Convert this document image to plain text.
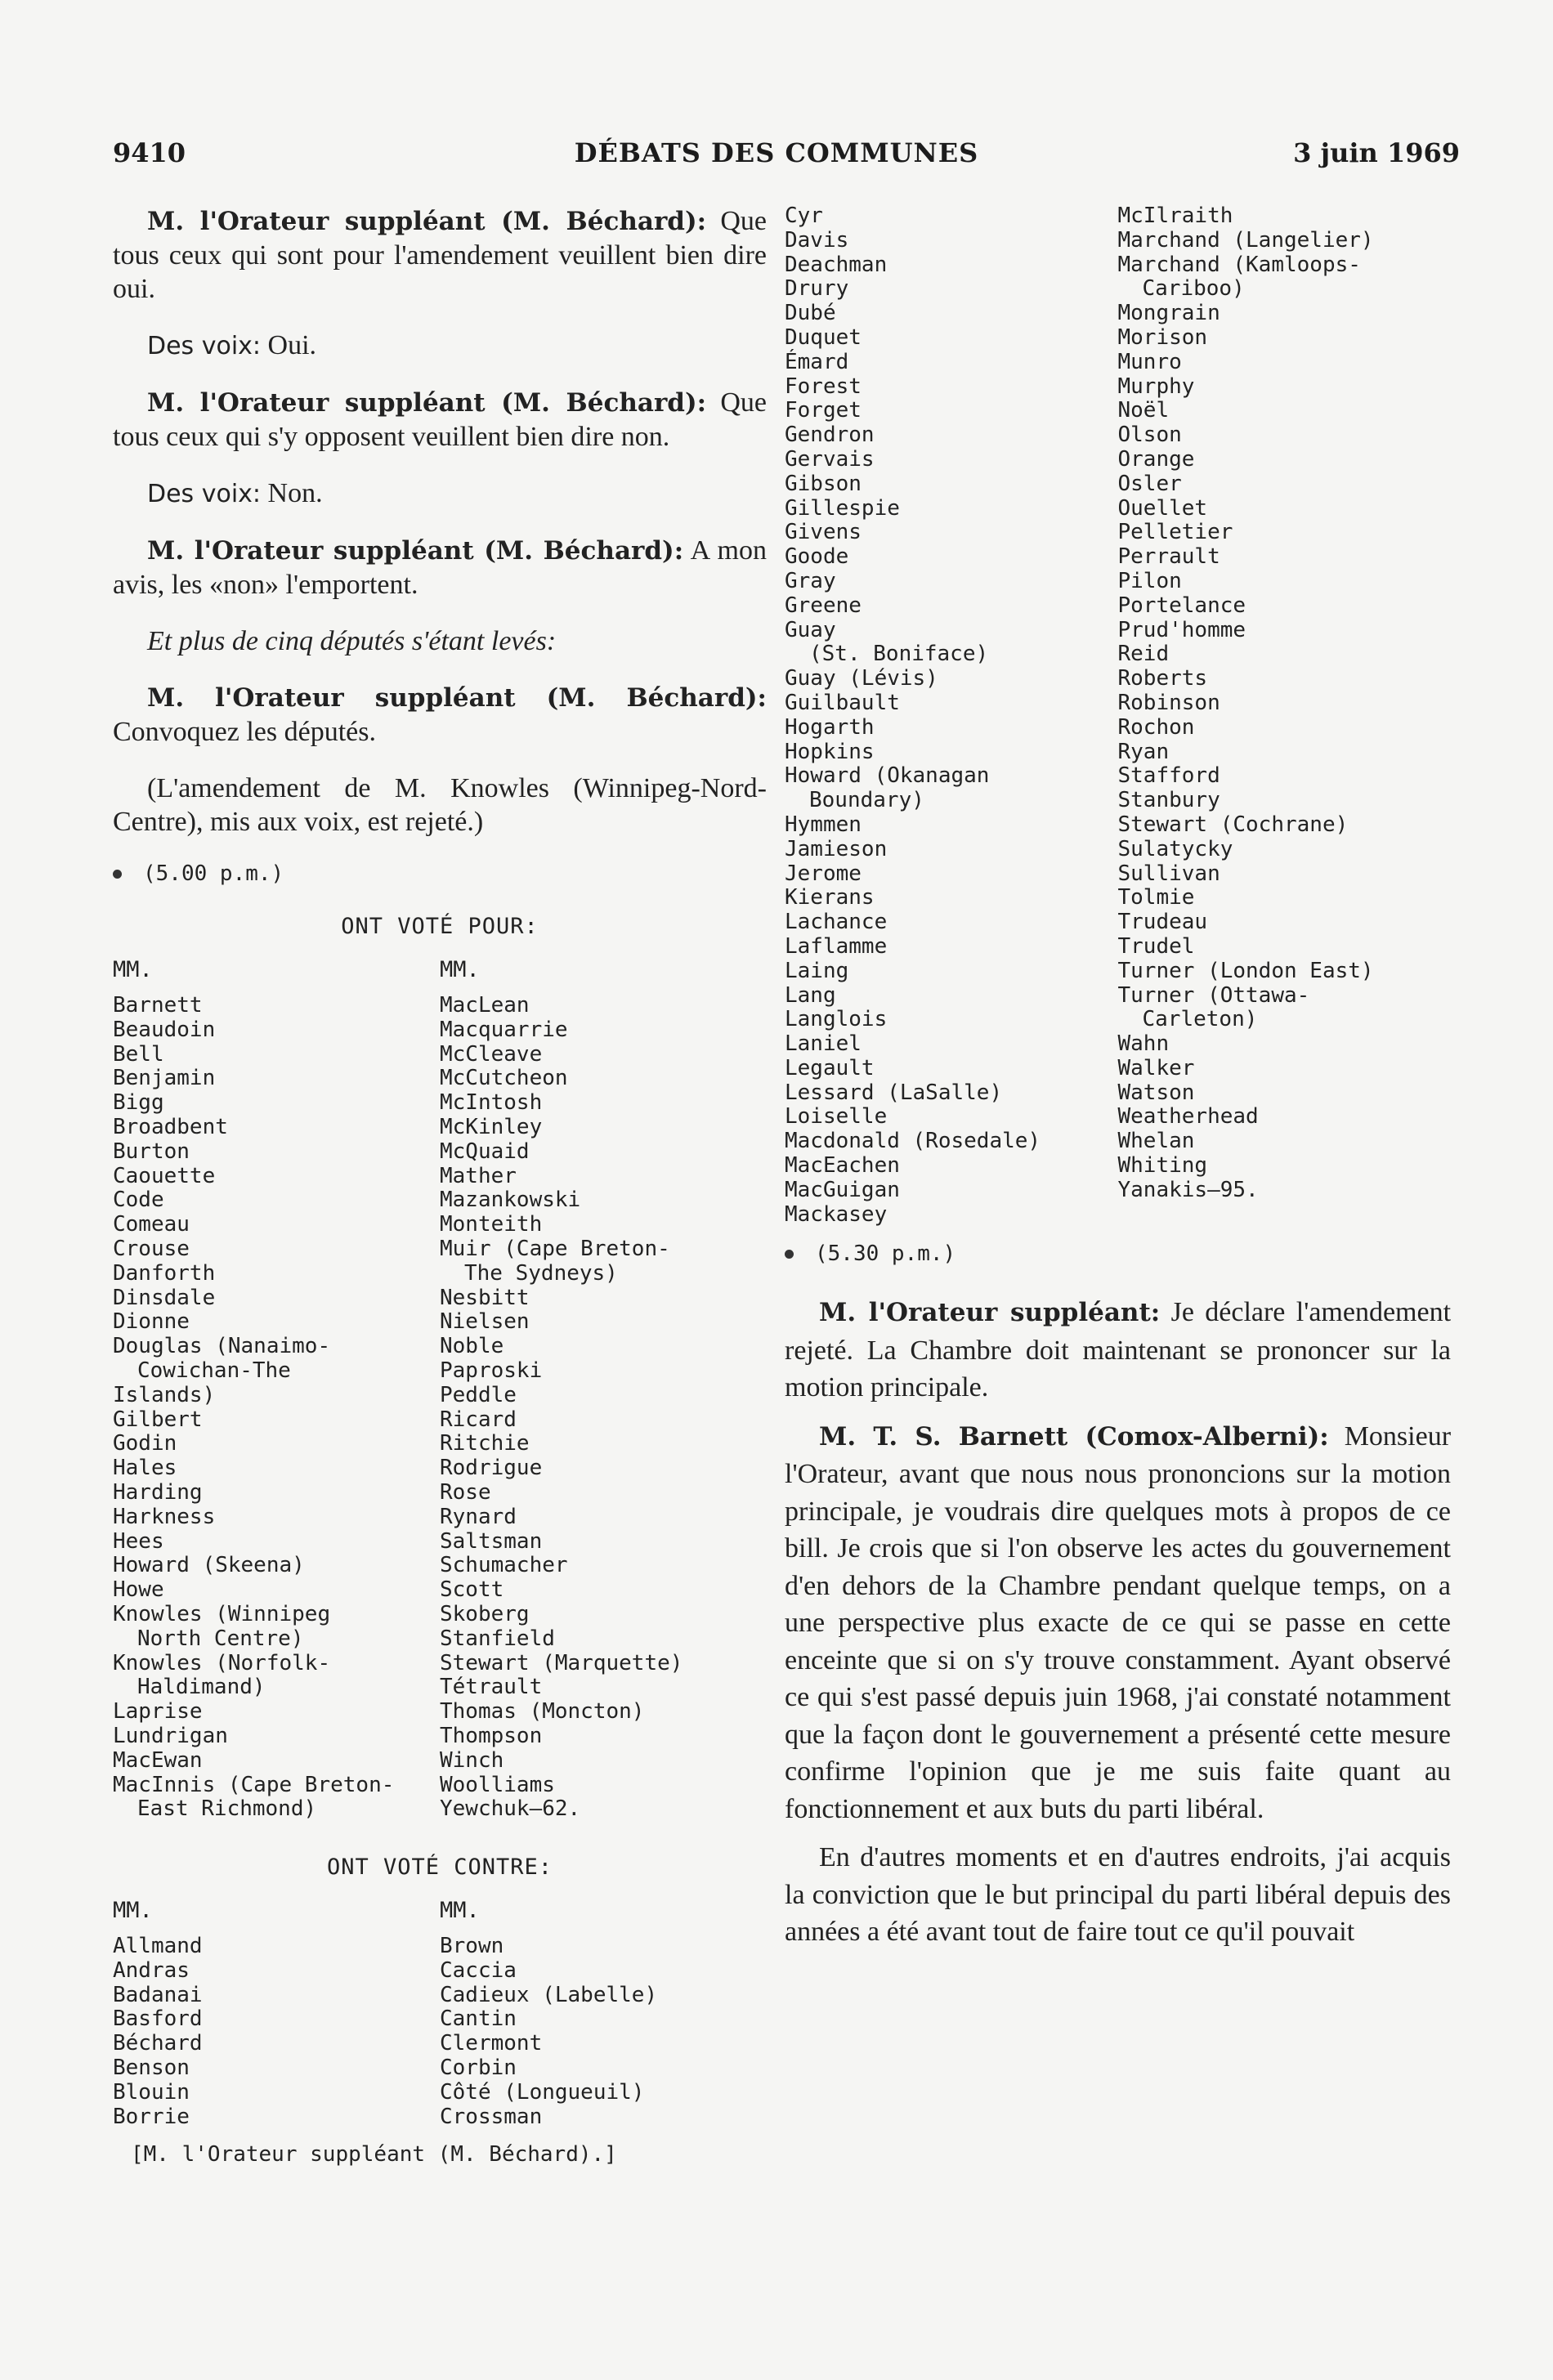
9410	DÉBATS DES COMMUNES	3 juin 1969

M. l'Orateur suppléant (M. Béchard): Que tous ceux qui sont pour l'amendement veuillent bien dire oui.

Des voix: Oui.

M. l'Orateur suppléant (M. Béchard): Que tous ceux qui s'y opposent veuillent bien dire non.

Des voix: Non.

M. l'Orateur suppléant (M. Béchard): A mon avis, les «non» l'emportent.

Et plus de cinq députés s'étant levés:

M. l'Orateur suppléant (M. Béchard): Convoquez les députés.

(L'amendement de M. Knowles (Winnipeg-Nord-Centre), mis aux voix, est rejeté.)

(5.00 p.m.)
ONT VOTÉ POUR:
MM.
Barnett
Beaudoin
Bell
Benjamin
Bigg
Broadbent
Burton
Caouette
Code
Comeau
Crouse
Danforth
Dinsdale
Dionne
Douglas (Nanaimo-
Cowichan-The
Islands)
Gilbert
Godin
Hales
Harding
Harkness
Hees
Howard (Skeena)
Howe
Knowles (Winnipeg
North Centre)
Knowles (Norfolk-
Haldimand)
Laprise
Lundrigan
MacEwan
MacInnis (Cape Breton-
East Richmond)
MM.
MacLean
Macquarrie
McCleave
McCutcheon
McIntosh
McKinley
McQuaid
Mather
Mazankowski
Monteith
Muir (Cape Breton-
The Sydneys)
Nesbitt
Nielsen
Noble
Paproski
Peddle
Ricard
Ritchie
Rodrigue
Rose
Rynard
Saltsman
Schumacher
Scott
Skoberg
Stanfield
Stewart (Marquette)
Tétrault
Thomas (Moncton)
Thompson
Winch
Woolliams
Yewchuk—62.
ONT VOTÉ CONTRE:
MM.
Allmand
Andras
Badanai
Basford
Béchard
Benson
Blouin
Borrie
MM.
Brown
Caccia
Cadieux (Labelle)
Cantin
Clermont
Corbin
Côté (Longueuil)
Crossman
[M. l'Orateur suppléant (M. Béchard).]
Cyr
Davis
Deachman
Drury
Dubé
Duquet
Émard
Forest
Forget
Gendron
Gervais
Gibson
Gillespie
Givens
Goode
Gray
Greene
Guay
(St. Boniface)
Guay (Lévis)
Guilbault
Hogarth
Hopkins
Howard (Okanagan
Boundary)
Hymmen
Jamieson
Jerome
Kierans
Lachance
Laflamme
Laing
Lang
Langlois
Laniel
Legault
Lessard (LaSalle)
Loiselle
Macdonald (Rosedale)
MacEachen
MacGuigan
Mackasey
McIlraith
Marchand (Langelier)
Marchand (Kamloops-
Cariboo)
Mongrain
Morison
Munro
Murphy
Noël
Olson
Orange
Osler
Ouellet
Pelletier
Perrault
Pilon
Portelance
Prud'homme
Reid
Roberts
Robinson
Rochon
Ryan
Stafford
Stanbury
Stewart (Cochrane)
Sulatycky
Sullivan
Tolmie
Trudeau
Trudel
Turner (London East)
Turner (Ottawa-
Carleton)
Wahn
Walker
Watson
Weatherhead
Whelan
Whiting
Yanakis—95.
(5.30 p.m.)

M. l'Orateur suppléant: Je déclare l'amendement rejeté. La Chambre doit maintenant se prononcer sur la motion principale.

M. T. S. Barnett (Comox-Alberni): Monsieur l'Orateur, avant que nous nous prononcions sur la motion principale, je voudrais dire quelques mots à propos de ce bill. Je crois que si l'on observe les actes du gouvernement d'en dehors de la Chambre pendant quelque temps, on a une perspective plus exacte de ce qui se passe en cette enceinte que si on s'y trouve constamment. Ayant observé ce qui s'est passé depuis juin 1968, j'ai constaté notamment que la façon dont le gouvernement a présenté cette mesure confirme l'opinion que je me suis faite quant au fonctionnement et aux buts du parti libéral.

En d'autres moments et en d'autres endroits, j'ai acquis la conviction que le but principal du parti libéral depuis des années a été avant tout de faire tout ce qu'il pouvait
